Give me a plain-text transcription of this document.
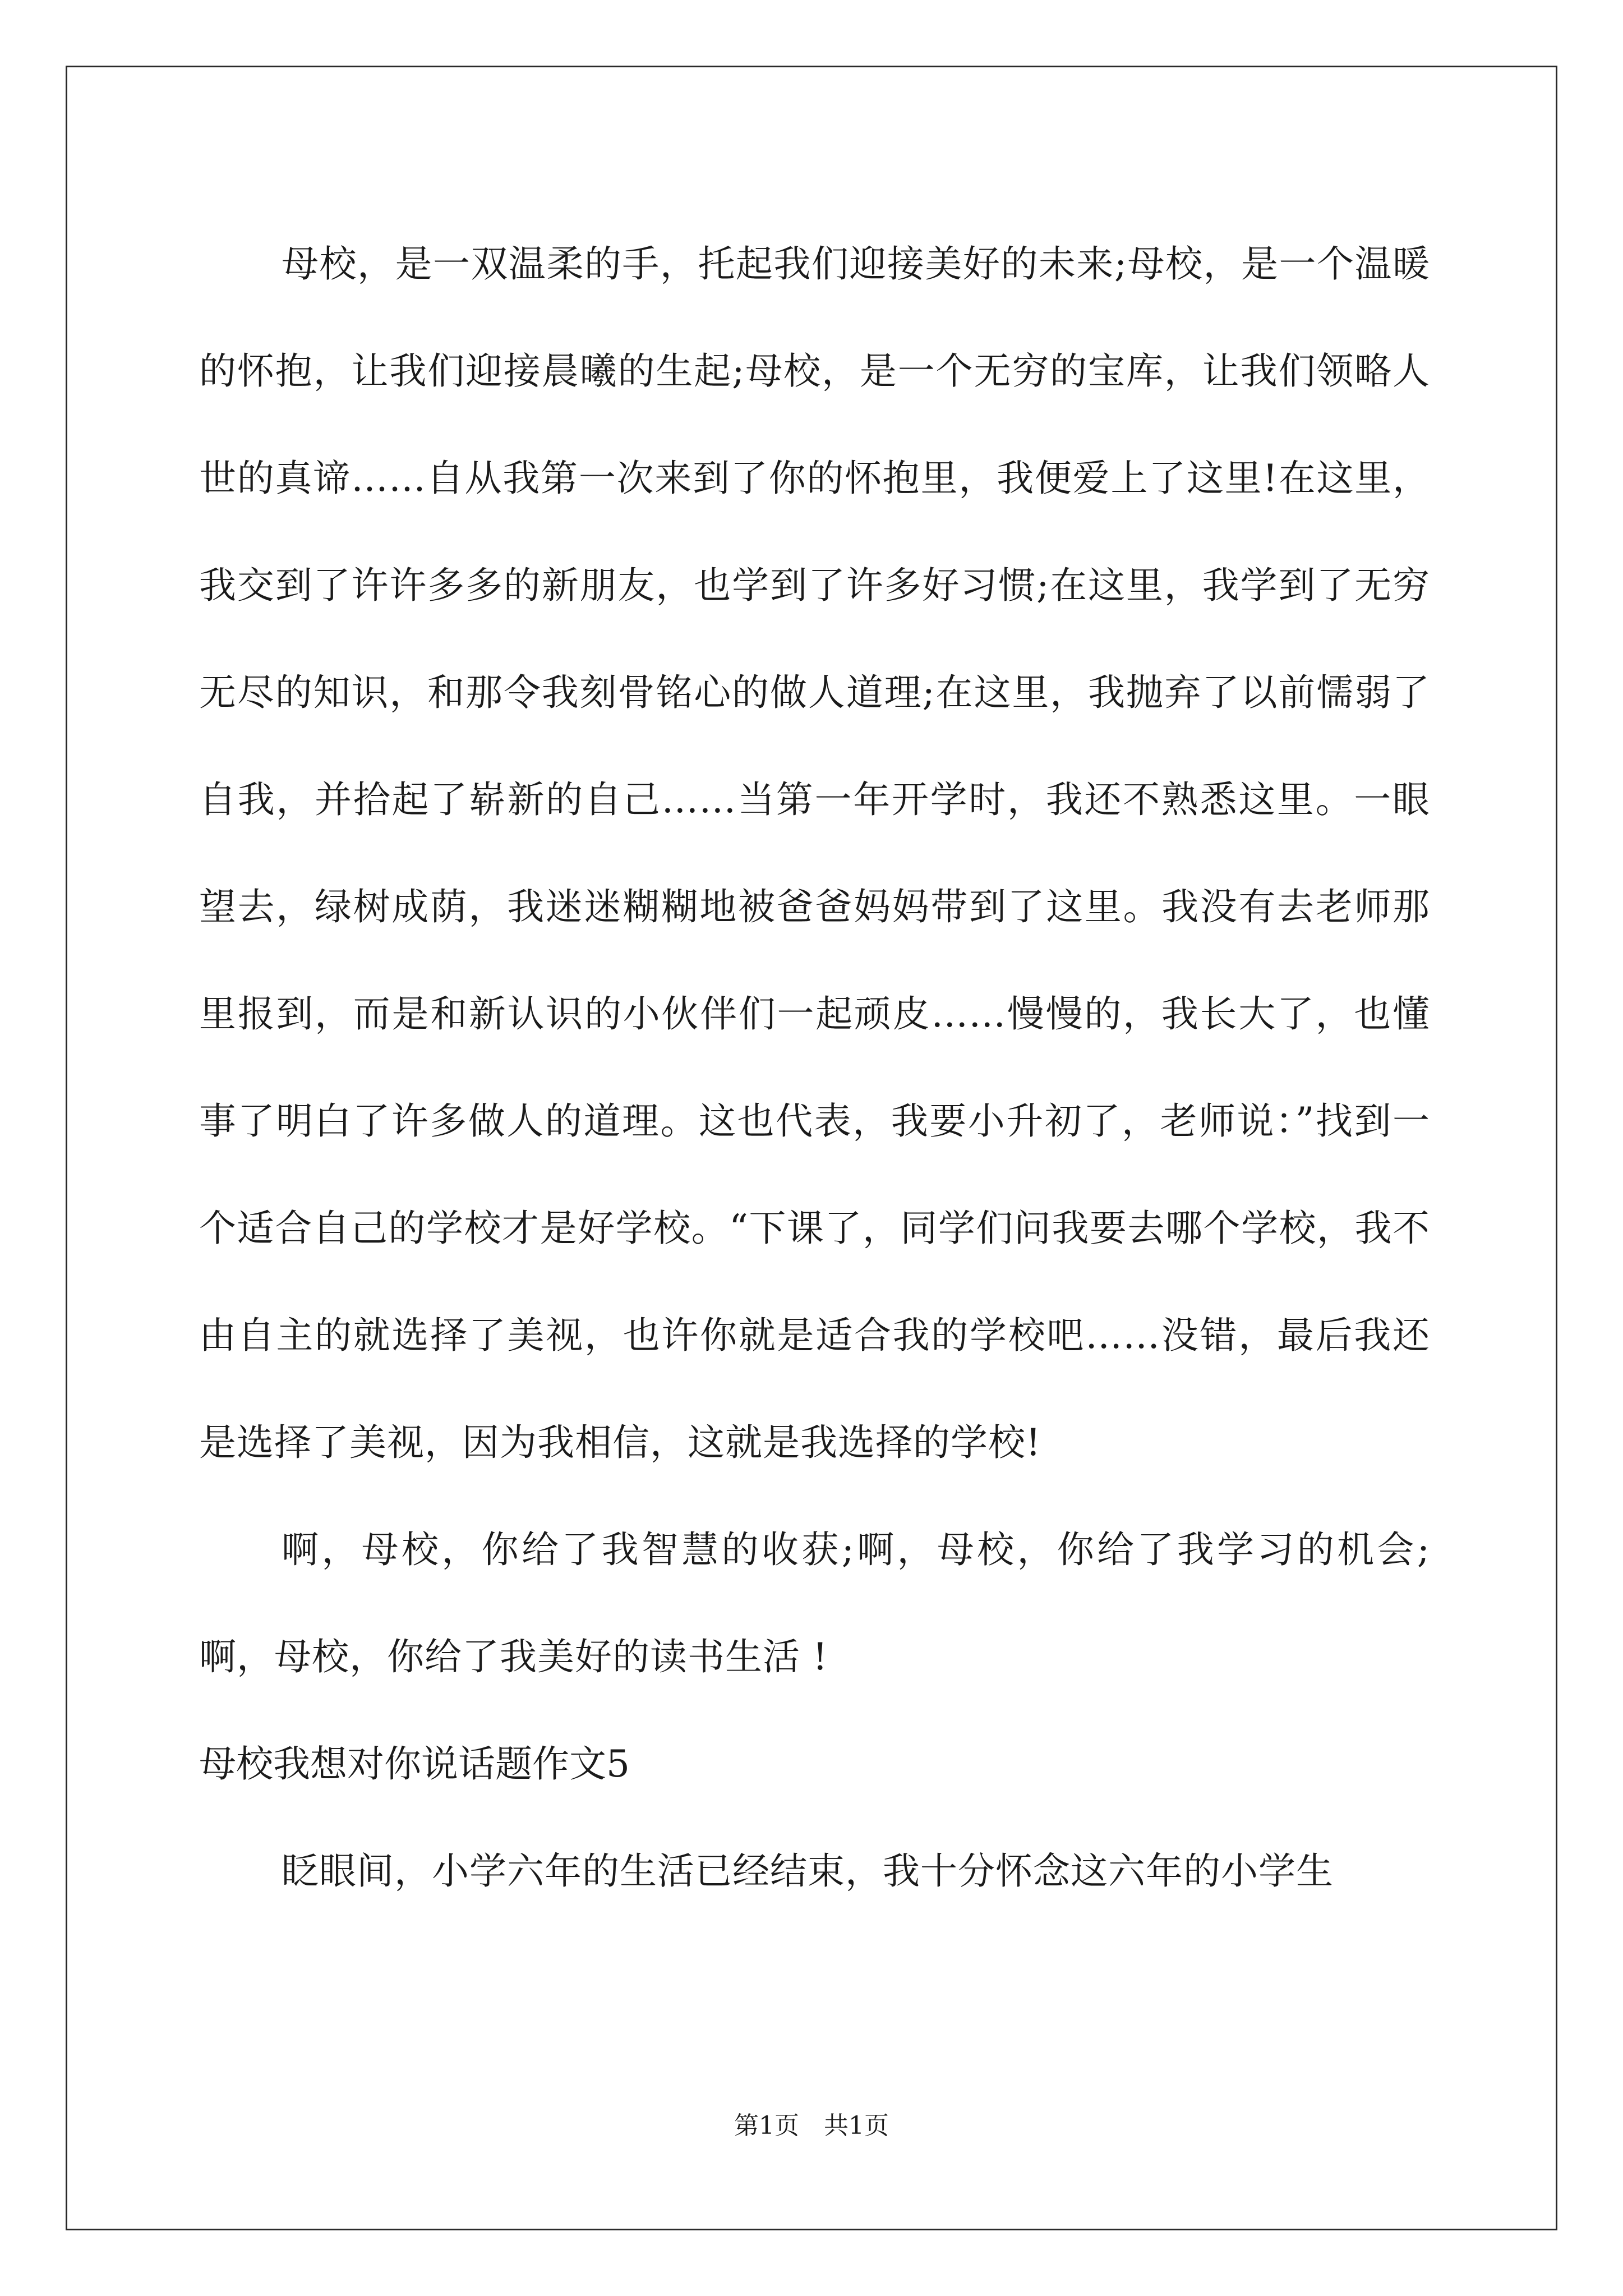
母校，是一双温柔的手，托起我们迎接美好的未来;母校，是一个温暖的怀抱，让我们迎接晨曦的生起;母校，是一个无穷的宝库，让我们领略人世的真谛……自从我第一次来到了你的怀抱里，我便爱上了这里!在这里，我交到了许许多多的新朋友，也学到了许多好习惯;在这里，我学到了无穷无尽的知识，和那令我刻骨铭心的做人道理;在这里，我抛弃了以前懦弱了自我，并拾起了崭新的自己……当第一年开学时，我还不熟悉这里。一眼望去，绿树成荫，我迷迷糊糊地被爸爸妈妈带到了这里。我没有去老师那里报到，而是和新认识的小伙伴们一起顽皮……慢慢的，我长大了，也懂事了明白了许多做人的道理。这也代表，我要小升初了，老师说：”找到一个适合自己的学校才是好学校。“下课了，同学们问我要去哪个学校，我不由自主的就选择了美视，也许你就是适合我的学校吧……没错，最后我还是选择了美视，因为我相信，这就是我选择的学校!

啊，母校，你给了我智慧的收获;啊，母校，你给了我学习的机会;啊，母校，你给了我美好的读书生活 !

母校我想对你说话题作文5

眨眼间，小学六年的生活已经结束，我十分怀念这六年的小学生

第1页　共1页
